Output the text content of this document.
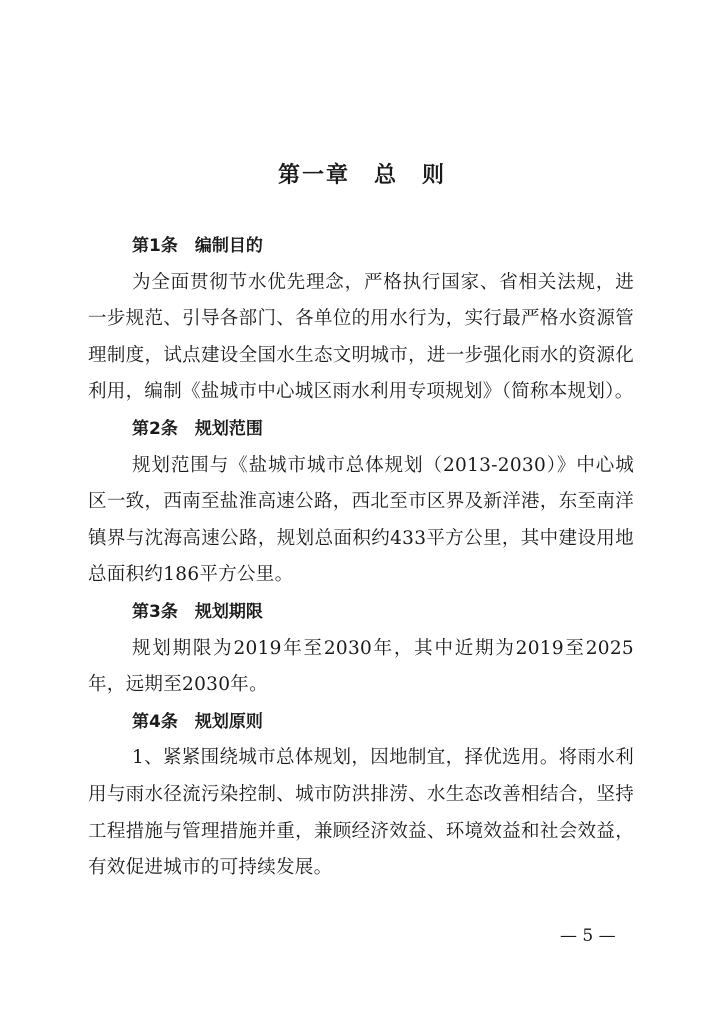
第一章　总　则

第1条　编制目的

为全面贯彻节水优先理念，严格执行国家、省相关法规，进一步规范、引导各部门、各单位的用水行为，实行最严格水资源管理制度，试点建设全国水生态文明城市，进一步强化雨水的资源化利用，编制《盐城市中心城区雨水利用专项规划》（简称本规划）。

第2条　规划范围

规划范围与《盐城市城市总体规划（2013-2030）》中心城区一致，西南至盐淮高速公路，西北至市区界及新洋港，东至南洋镇界与沈海高速公路，规划总面积约433平方公里，其中建设用地总面积约186平方公里。

第3条　规划期限

规划期限为2019年至2030年，其中近期为2019至2025年，远期至2030年。

第4条　规划原则

1、紧紧围绕城市总体规划，因地制宜，择优选用。将雨水利用与雨水径流污染控制、城市防洪排涝、水生态改善相结合，坚持工程措施与管理措施并重，兼顾经济效益、环境效益和社会效益，有效促进城市的可持续发展。

— 5 —
